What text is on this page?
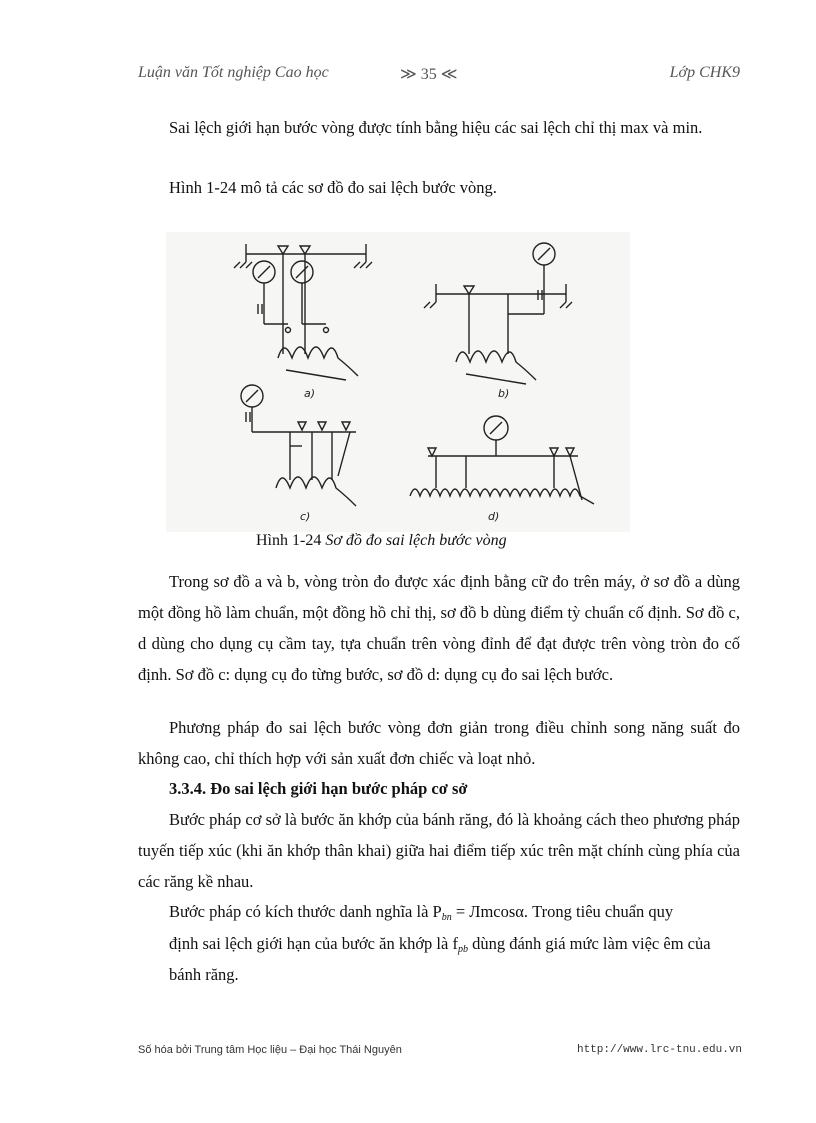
Luận văn Tốt nghiệp Cao học	≫ 35 ≪	Lớp CHK9

Sai lệch giới hạn bước vòng được tính bằng hiệu các sai lệch chỉ thị max và min.

Hình 1-24 mô tả các sơ đồ đo sai lệch bước vòng.

a)	b)
c)	d)
Hình 1-24 Sơ đồ đo sai lệch bước vòng

Trong sơ đồ a và b, vòng tròn đo được xác định bằng cữ đo trên máy, ở sơ đồ a dùng một đồng hồ làm chuẩn, một đồng hồ chỉ thị, sơ đồ b dùng điểm tỳ chuẩn cố định. Sơ đồ c, d dùng cho dụng cụ cầm tay, tựa chuẩn trên vòng đỉnh để đạt được trên vòng tròn đo cố định. Sơ đồ c: dụng cụ đo từng bước, sơ đồ d: dụng cụ đo sai lệch bước.

Phương pháp đo sai lệch bước vòng đơn giản trong điều chỉnh song năng suất đo không cao, chỉ thích hợp với sản xuất đơn chiếc và loạt nhỏ.

3.3.4. Đo sai lệch giới hạn bước pháp cơ sở

Bước pháp cơ sở là bước ăn khớp của bánh răng, đó là khoảng cách theo phương pháp tuyến tiếp xúc (khi ăn khớp thân khai) giữa hai điểm tiếp xúc trên mặt chính cùng phía của các răng kề nhau.

Bước pháp có kích thước danh nghĩa là $P_{bn} = Лmcos\alpha$. Trong tiêu chuẩn quy

định sai lệch giới hạn của bước ăn khớp là $f_{pb}$ dùng đánh giá mức làm việc êm của

bánh răng.

Số hóa bởi Trung tâm Học liệu – Đại học Thái Nguyên	http://www.lrc-tnu.edu.vn
